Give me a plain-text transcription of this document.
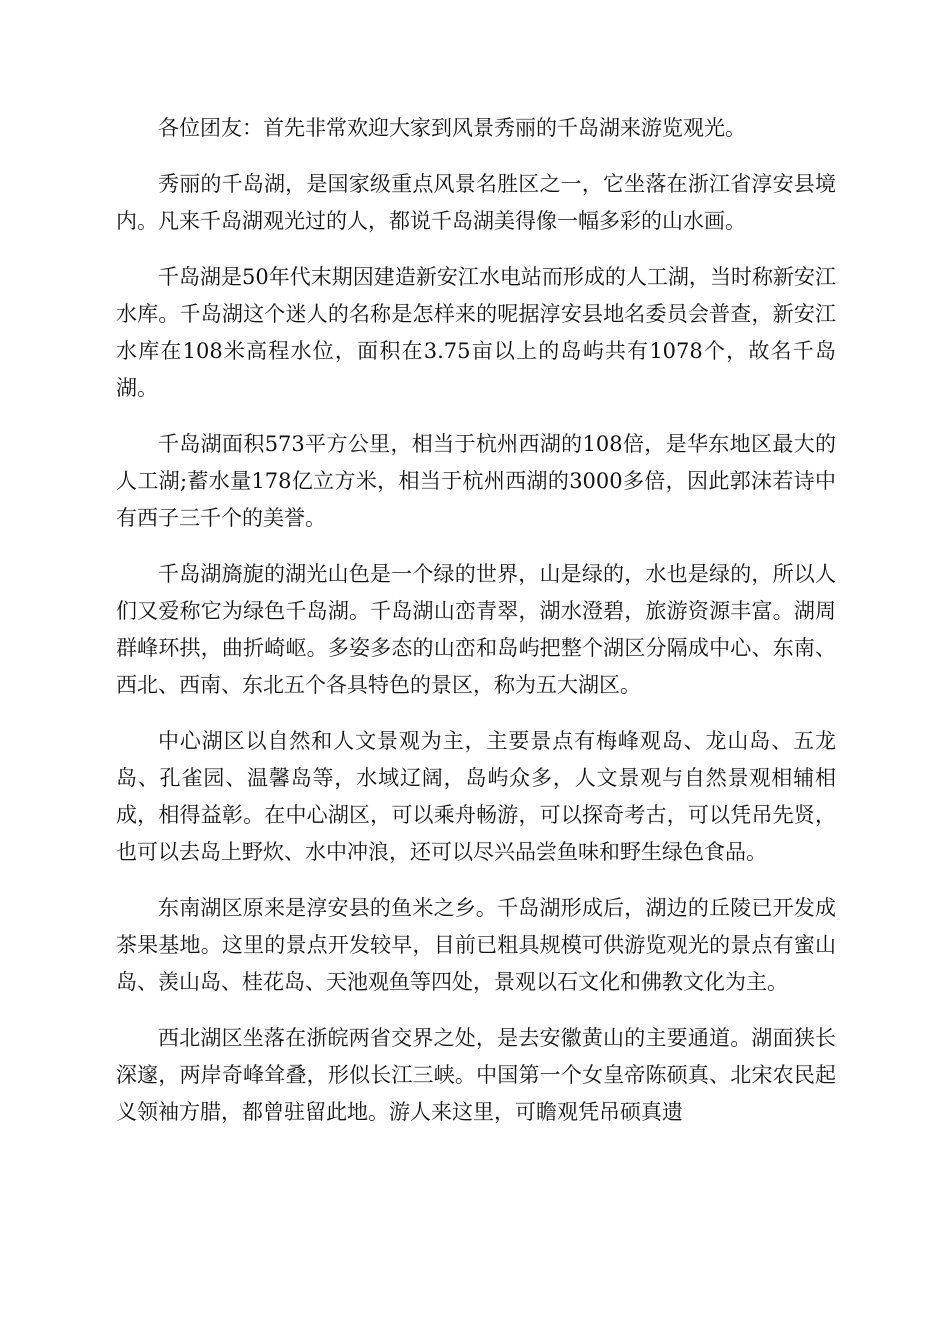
各位团友：首先非常欢迎大家到风景秀丽的千岛湖来游览观光。

秀丽的千岛湖，是国家级重点风景名胜区之一，它坐落在浙江省淳安县境内。凡来千岛湖观光过的人，都说千岛湖美得像一幅多彩的山水画。

千岛湖是50年代末期因建造新安江水电站而形成的人工湖，当时称新安江水库。千岛湖这个迷人的名称是怎样来的呢据淳安县地名委员会普查，新安江水库在108米高程水位，面积在3.75亩以上的岛屿共有1078个，故名千岛湖。

千岛湖面积573平方公里，相当于杭州西湖的108倍，是华东地区最大的人工湖;蓄水量178亿立方米，相当于杭州西湖的3000多倍，因此郭沫若诗中有西子三千个的美誉。

千岛湖旖旎的湖光山色是一个绿的世界，山是绿的，水也是绿的，所以人们又爱称它为绿色千岛湖。千岛湖山峦青翠，湖水澄碧，旅游资源丰富。湖周群峰环拱，曲折崎岖。多姿多态的山峦和岛屿把整个湖区分隔成中心、东南、西北、西南、东北五个各具特色的景区，称为五大湖区。

中心湖区以自然和人文景观为主，主要景点有梅峰观岛、龙山岛、五龙岛、孔雀园、温馨岛等，水域辽阔，岛屿众多，人文景观与自然景观相辅相成，相得益彰。在中心湖区，可以乘舟畅游，可以探奇考古，可以凭吊先贤，也可以去岛上野炊、水中冲浪，还可以尽兴品尝鱼味和野生绿色食品。

东南湖区原来是淳安县的鱼米之乡。千岛湖形成后，湖边的丘陵已开发成茶果基地。这里的景点开发较早，目前已粗具规模可供游览观光的景点有蜜山岛、羡山岛、桂花岛、天池观鱼等四处，景观以石文化和佛教文化为主。

西北湖区坐落在浙皖两省交界之处，是去安徽黄山的主要通道。湖面狭长深邃，两岸奇峰耸叠，形似长江三峡。中国第一个女皇帝陈硕真、北宋农民起义领袖方腊，都曾驻留此地。游人来这里，可瞻观凭吊硕真遗
